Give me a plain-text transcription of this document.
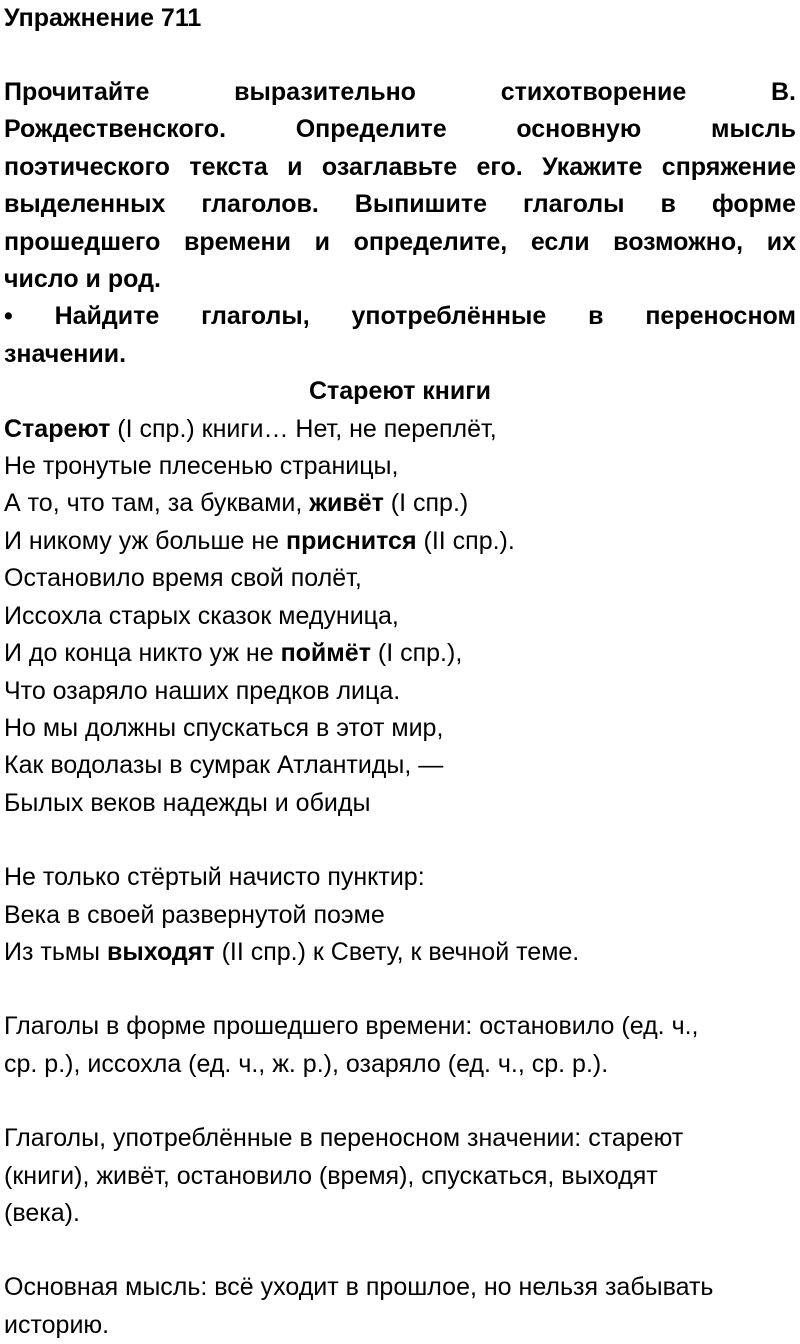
Упражнение 711
Прочитайте выразительно стихотворение В.
Рождественского. Определите основную мысль
поэтического текста и озаглавьте его. Укажите спряжение
выделенных глаголов. Выпишите глаголы в форме
прошедшего времени и определите, если возможно, их
число и род.
• Найдите глаголы, употреблённые в переносном
значении.
Стареют книги
Стареют (I спр.) книги… Нет, не переплёт,
Не тронутые плесенью страницы,
А то, что там, за буквами, живёт (I спр.)
И никому уж больше не приснится (II спр.).
Остановило время свой полёт,
Иссохла старых сказок медуница,
И до конца никто уж не поймёт (I спр.),
Что озаряло наших предков лица.
Но мы должны спускаться в этот мир,
Как водолазы в сумрак Атлантиды, —
Былых веков надежды и обиды
Не только стёртый начисто пунктир:
Века в своей развернутой поэме
Из тьмы выходят (II спр.) к Свету, к вечной теме.
Глаголы в форме прошедшего времени: остановило (ед. ч.,
ср. р.), иссохла (ед. ч., ж. р.), озаряло (ед. ч., ср. р.).
Глаголы, употреблённые в переносном значении: стареют
(книги), живёт, остановило (время), спускаться, выходят
(века).
Основная мысль: всё уходит в прошлое, но нельзя забывать
историю.
